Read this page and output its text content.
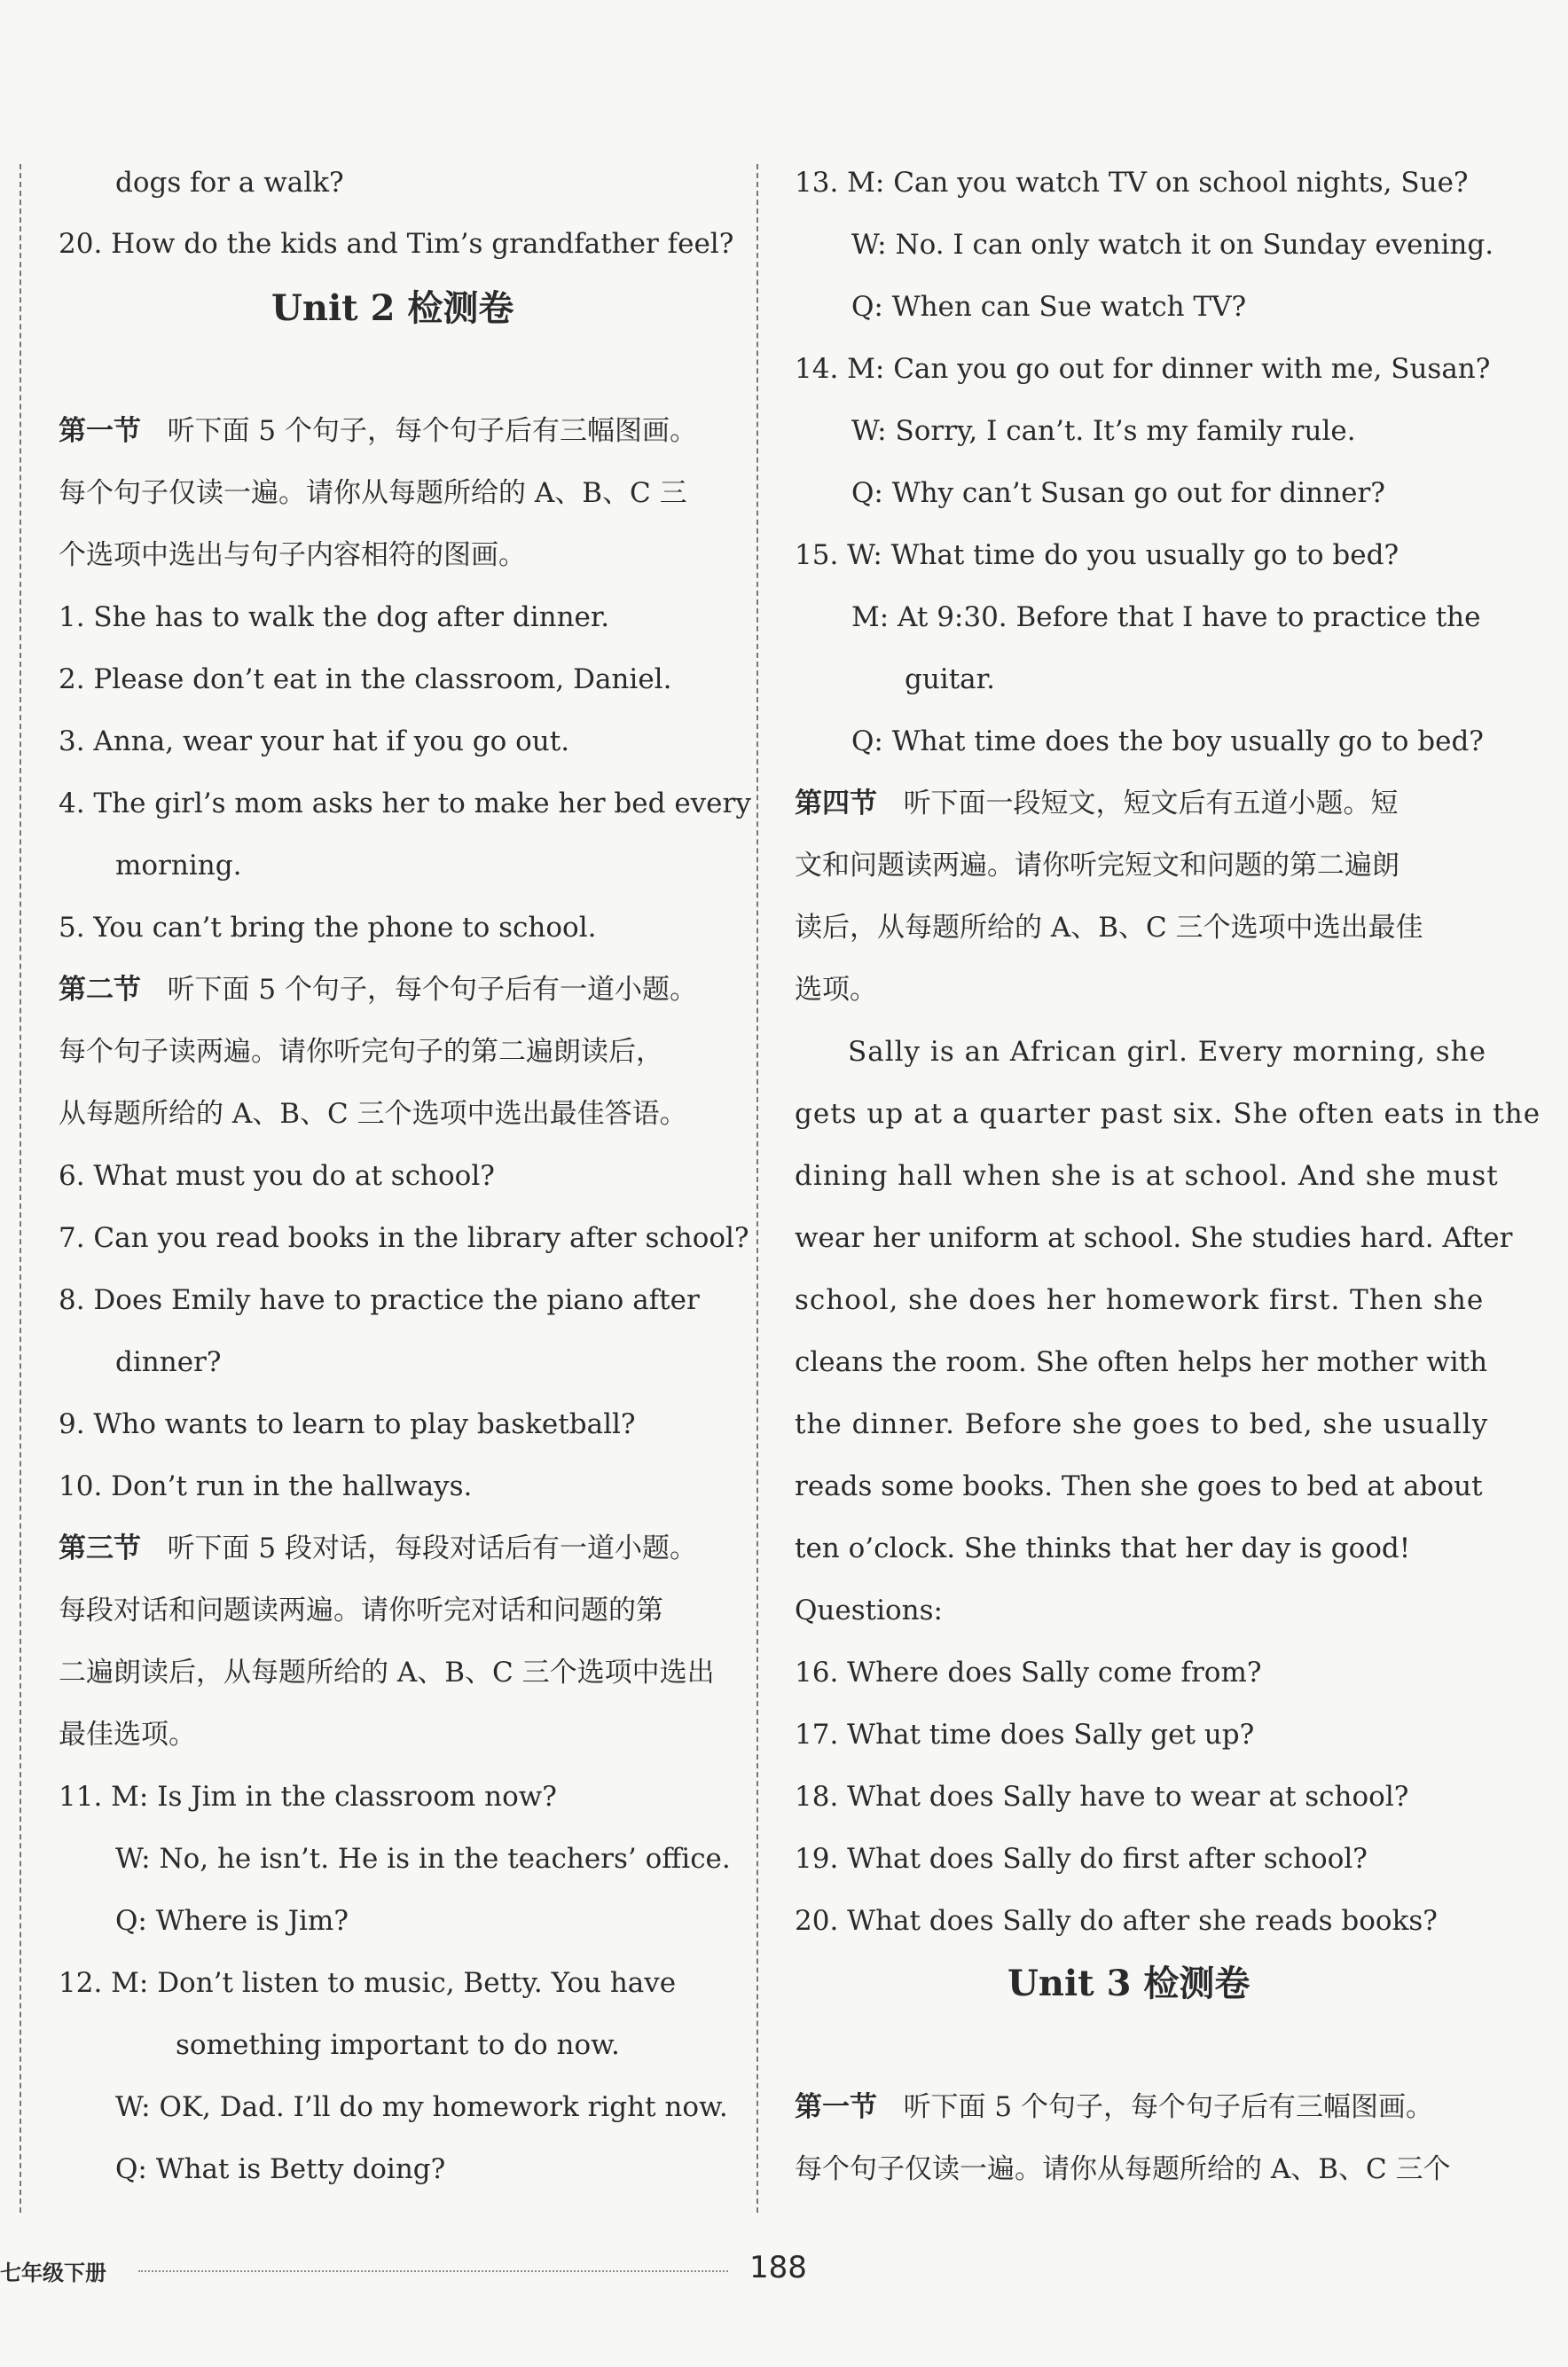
dogs for a walk?
20. How do the kids and Tim’s grandfather feel?
Unit 2 检测卷
第一节 听下面 5 个句子，每个句子后有三幅图画。
每个句子仅读一遍。请你从每题所给的 A、B、C 三
个选项中选出与句子内容相符的图画。
1. She has to walk the dog after dinner.
2. Please don’t eat in the classroom, Daniel.
3. Anna, wear your hat if you go out.
4. The girl’s mom asks her to make her bed every
morning.
5. You can’t bring the phone to school.
第二节 听下面 5 个句子，每个句子后有一道小题。
每个句子读两遍。请你听完句子的第二遍朗读后，
从每题所给的 A、B、C 三个选项中选出最佳答语。
6. What must you do at school?
7. Can you read books in the library after school?
8. Does Emily have to practice the piano after
dinner?
9. Who wants to learn to play basketball?
10. Don’t run in the hallways.
第三节 听下面 5 段对话，每段对话后有一道小题。
每段对话和问题读两遍。请你听完对话和问题的第
二遍朗读后，从每题所给的 A、B、C 三个选项中选出
最佳选项。
11. M: Is Jim in the classroom now?
W: No, he isn’t. He is in the teachers’ office.
Q: Where is Jim?
12. M: Don’t listen to music, Betty. You have
something important to do now.
W: OK, Dad. I’ll do my homework right now.
Q: What is Betty doing?
13. M: Can you watch TV on school nights, Sue?
W: No. I can only watch it on Sunday evening.
Q: When can Sue watch TV?
14. M: Can you go out for dinner with me, Susan?
W: Sorry, I can’t. It’s my family rule.
Q: Why can’t Susan go out for dinner?
15. W: What time do you usually go to bed?
M: At 9:30. Before that I have to practice the
guitar.
Q: What time does the boy usually go to bed?
第四节 听下面一段短文，短文后有五道小题。短
文和问题读两遍。请你听完短文和问题的第二遍朗
读后，从每题所给的 A、B、C 三个选项中选出最佳
选项。
Sally is an African girl. Every morning, she
gets up at a quarter past six. She often eats in the
dining hall when she is at school. And she must
wear her uniform at school. She studies hard. After
school, she does her homework first. Then she
cleans the room. She often helps her mother with
the dinner. Before she goes to bed, she usually
reads some books. Then she goes to bed at about
ten o’clock. She thinks that her day is good!
Questions:
16. Where does Sally come from?
17. What time does Sally get up?
18. What does Sally have to wear at school?
19. What does Sally do first after school?
20. What does Sally do after she reads books?
Unit 3 检测卷
第一节 听下面 5 个句子，每个句子后有三幅图画。
每个句子仅读一遍。请你从每题所给的 A、B、C 三个
七年级下册	188
